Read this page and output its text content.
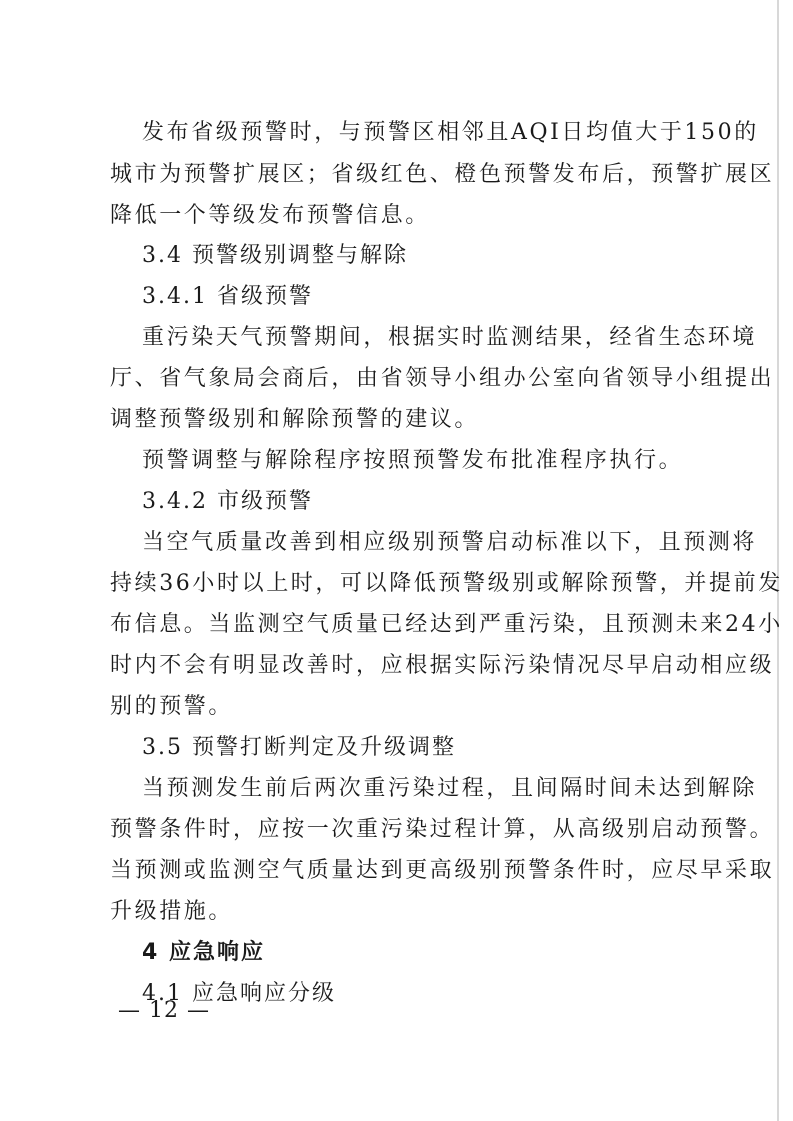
发布省级预警时，与预警区相邻且AQI日均值大于150的
城市为预警扩展区；省级红色、橙色预警发布后，预警扩展区
降低一个等级发布预警信息。
3.4 预警级别调整与解除
3.4.1 省级预警
重污染天气预警期间，根据实时监测结果，经省生态环境
厅、省气象局会商后，由省领导小组办公室向省领导小组提出
调整预警级别和解除预警的建议。
预警调整与解除程序按照预警发布批准程序执行。
3.4.2 市级预警
当空气质量改善到相应级别预警启动标准以下，且预测将
持续36小时以上时，可以降低预警级别或解除预警，并提前发
布信息。当监测空气质量已经达到严重污染，且预测未来24小
时内不会有明显改善时，应根据实际污染情况尽早启动相应级
别的预警。
3.5 预警打断判定及升级调整
当预测发生前后两次重污染过程，且间隔时间未达到解除
预警条件时，应按一次重污染过程计算，从高级别启动预警。
当预测或监测空气质量达到更高级别预警条件时，应尽早采取
升级措施。
4 应急响应
4.1 应急响应分级
— 12 —
